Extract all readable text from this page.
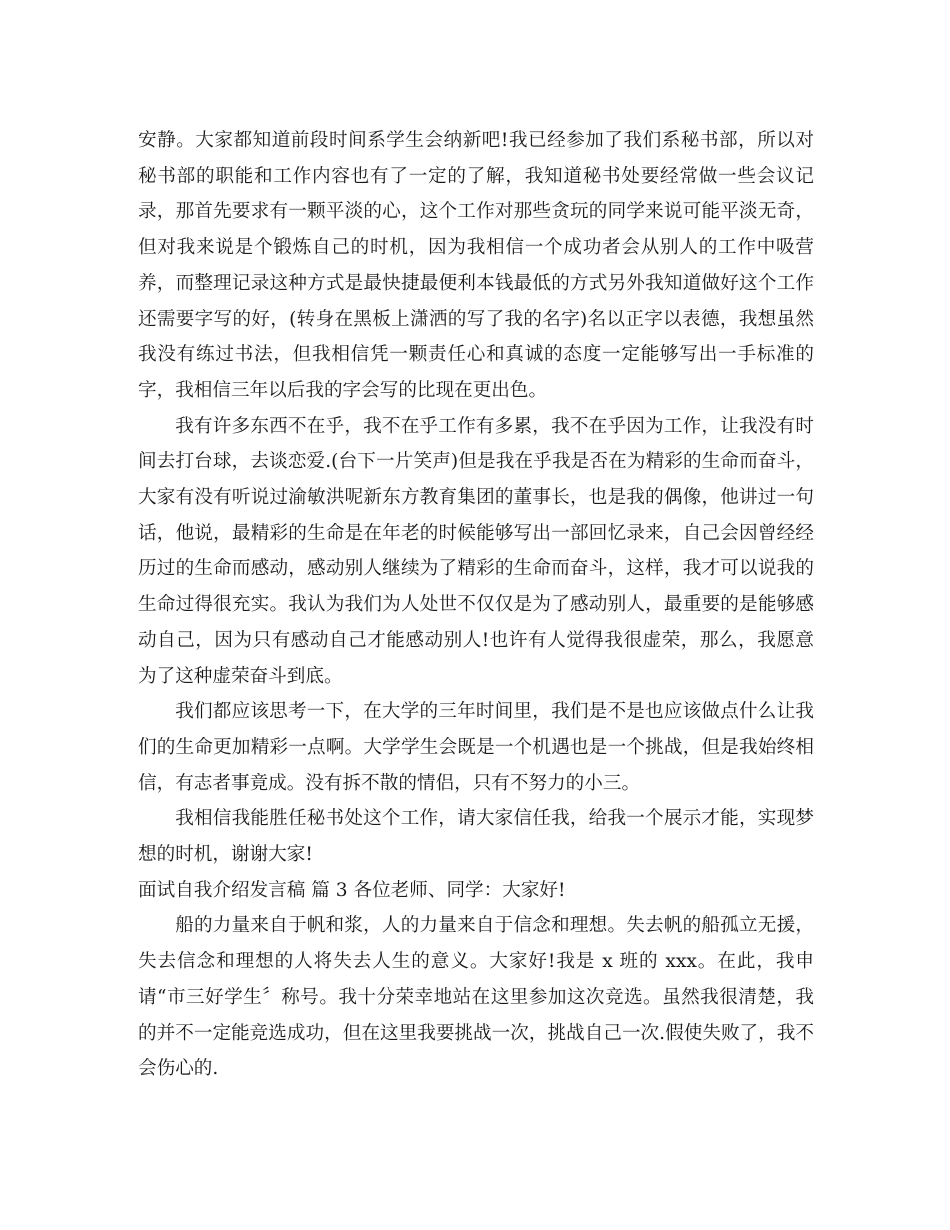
安静。大家都知道前段时间系学生会纳新吧!我已经参加了我们系秘书部，所以对秘书部的职能和工作内容也有了一定的了解，我知道秘书处要经常做一些会议记录，那首先要求有一颗平淡的心，这个工作对那些贪玩的同学来说可能平淡无奇，但对我来说是个锻炼自己的时机，因为我相信一个成功者会从别人的工作中吸营养，而整理记录这种方式是最快捷最便利本钱最低的方式另外我知道做好这个工作还需要字写的好，(转身在黑板上潇洒的写了我的名字)名以正字以表德，我想虽然我没有练过书法，但我相信凭一颗责任心和真诚的态度一定能够写出一手标准的字，我相信三年以后我的字会写的比现在更出色。

我有许多东西不在乎，我不在乎工作有多累，我不在乎因为工作，让我没有时间去打台球，去谈恋爱.(台下一片笑声)但是我在乎我是否在为精彩的生命而奋斗，大家有没有听说过渝敏洪呢新东方教育集团的董事长，也是我的偶像，他讲过一句话，他说，最精彩的生命是在年老的时候能够写出一部回忆录来，自己会因曾经经历过的生命而感动，感动别人继续为了精彩的生命而奋斗，这样，我才可以说我的生命过得很充实。我认为我们为人处世不仅仅是为了感动别人，最重要的是能够感动自己，因为只有感动自己才能感动别人!也许有人觉得我很虚荣，那么，我愿意为了这种虚荣奋斗到底。

我们都应该思考一下，在大学的三年时间里，我们是不是也应该做点什么让我们的生命更加精彩一点啊。大学学生会既是一个机遇也是一个挑战，但是我始终相信，有志者事竟成。没有拆不散的情侣，只有不努力的小三。

我相信我能胜任秘书处这个工作，请大家信任我，给我一个展示才能，实现梦想的时机，谢谢大家!

面试自我介绍发言稿 篇 3 各位老师、同学：大家好!

船的力量来自于帆和浆，人的力量来自于信念和理想。失去帆的船孤立无援，失去信念和理想的人将失去人生的意义。大家好!我是 x 班的 xxx。在此，我申请“市三好学生〞称号。我十分荣幸地站在这里参加这次竞选。虽然我很清楚，我的并不一定能竞选成功，但在这里我要挑战一次，挑战自己一次.假使失败了，我不会伤心的.
